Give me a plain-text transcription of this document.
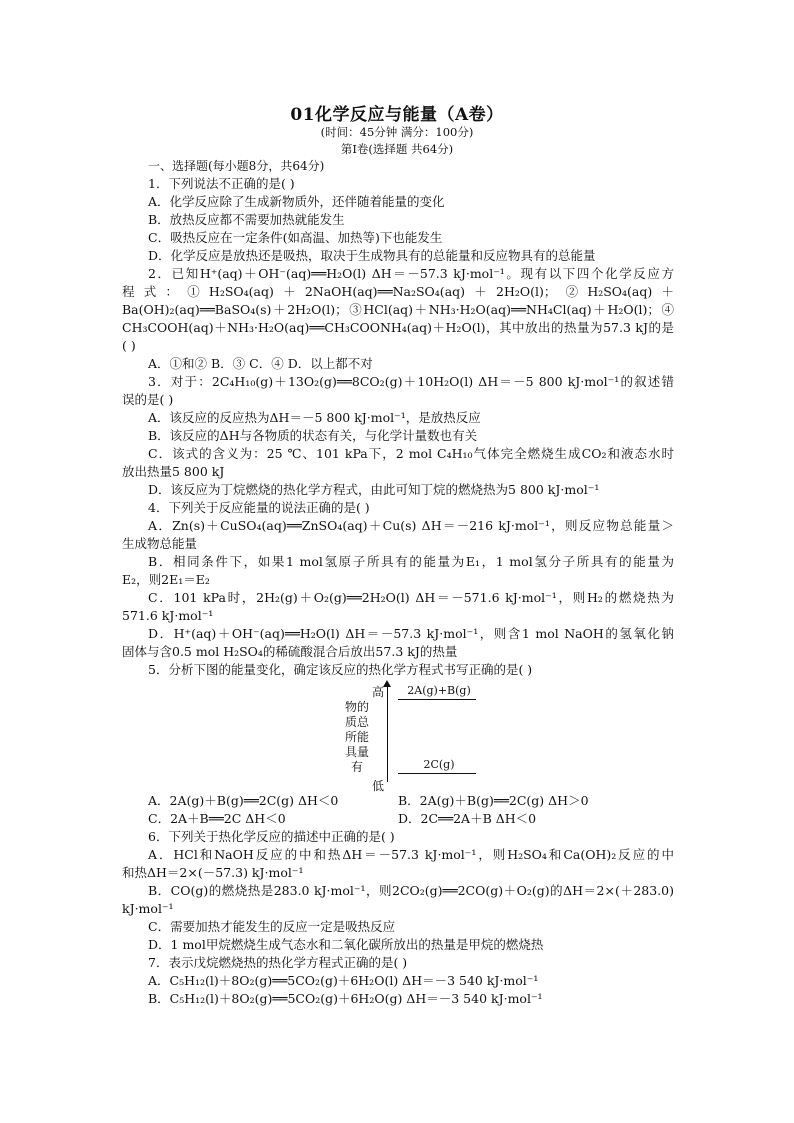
01化学反应与能量（A卷）
(时间：45分钟 满分：100分)
第Ⅰ卷(选择题 共64分)
一、选择题(每小题8分，共64分)
1．下列说法不正确的是( )
A．化学反应除了生成新物质外，还伴随着能量的变化
B．放热反应都不需要加热就能发生
C．吸热反应在一定条件(如高温、加热等)下也能发生
D．化学反应是放热还是吸热，取决于生成物具有的总能量和反应物具有的总能量
2．已知H⁺(aq)＋OH⁻(aq)══H₂O(l) ΔH＝－57.3 kJ·mol⁻¹。现有以下四个化学反应方
程式：①H₂SO₄(aq)＋2NaOH(aq)══Na₂SO₄(aq)＋2H₂O(l)；②H₂SO₄(aq)＋
Ba(OH)₂(aq)══BaSO₄(s)＋2H₂O(l)；③HCl(aq)＋NH₃·H₂O(aq)══NH₄Cl(aq)＋H₂O(l)；④
CH₃COOH(aq)＋NH₃·H₂O(aq)══CH₃COONH₄(aq)＋H₂O(l)，其中放出的热量为57.3 kJ的是
( )
A．①和② B．③ C．④ D．以上都不对
3．对于：2C₄H₁₀(g)＋13O₂(g)══8CO₂(g)＋10H₂O(l) ΔH＝－5 800 kJ·mol⁻¹的叙述错
误的是( )
A．该反应的反应热为ΔH＝－5 800 kJ·mol⁻¹，是放热反应
B．该反应的ΔH与各物质的状态有关，与化学计量数也有关
C．该式的含义为：25 ℃、101 kPa下，2 mol C₄H₁₀气体完全燃烧生成CO₂和液态水时
放出热量5 800 kJ
D．该反应为丁烷燃烧的热化学方程式，由此可知丁烷的燃烧热为5 800 kJ·mol⁻¹
4．下列关于反应能量的说法正确的是( )
A．Zn(s)＋CuSO₄(aq)══ZnSO₄(aq)＋Cu(s) ΔH＝－216 kJ·mol⁻¹，则反应物总能量＞
生成物总能量
B．相同条件下，如果1 mol氢原子所具有的能量为E₁，1 mol氢分子所具有的能量为
E₂，则2E₁＝E₂
C．101 kPa时，2H₂(g)＋O₂(g)══2H₂O(l) ΔH＝－571.6 kJ·mol⁻¹，则H₂的燃烧热为
571.6 kJ·mol⁻¹
D．H⁺(aq)＋OH⁻(aq)══H₂O(l) ΔH＝－57.3 kJ·mol⁻¹，则含1 mol NaOH的氢氧化钠
固体与含0.5 mol H₂SO₄的稀硫酸混合后放出57.3 kJ的热量
5．分析下图的能量变化，确定该反应的热化学方程式书写正确的是( )
高
物的质总所能具量有
低
2A(g)+B(g)
2C(g)
A．2A(g)＋B(g)══2C(g) ΔH＜0	B．2A(g)＋B(g)══2C(g) ΔH＞0
C．2A＋B══2C ΔH＜0	D．2C══2A＋B ΔH＜0
6．下列关于热化学反应的描述中正确的是( )
A．HCl和NaOH反应的中和热ΔH＝－57.3 kJ·mol⁻¹，则H₂SO₄和Ca(OH)₂反应的中
和热ΔH＝2×(－57.3) kJ·mol⁻¹
B．CO(g)的燃烧热是283.0 kJ·mol⁻¹，则2CO₂(g)══2CO(g)＋O₂(g)的ΔH＝2×(＋283.0)
kJ·mol⁻¹
C．需要加热才能发生的反应一定是吸热反应
D．1 mol甲烷燃烧生成气态水和二氧化碳所放出的热量是甲烷的燃烧热
7．表示戊烷燃烧热的热化学方程式正确的是( )
A．C₅H₁₂(l)＋8O₂(g)══5CO₂(g)＋6H₂O(l) ΔH＝－3 540 kJ·mol⁻¹
B．C₅H₁₂(l)＋8O₂(g)══5CO₂(g)＋6H₂O(g) ΔH＝－3 540 kJ·mol⁻¹
